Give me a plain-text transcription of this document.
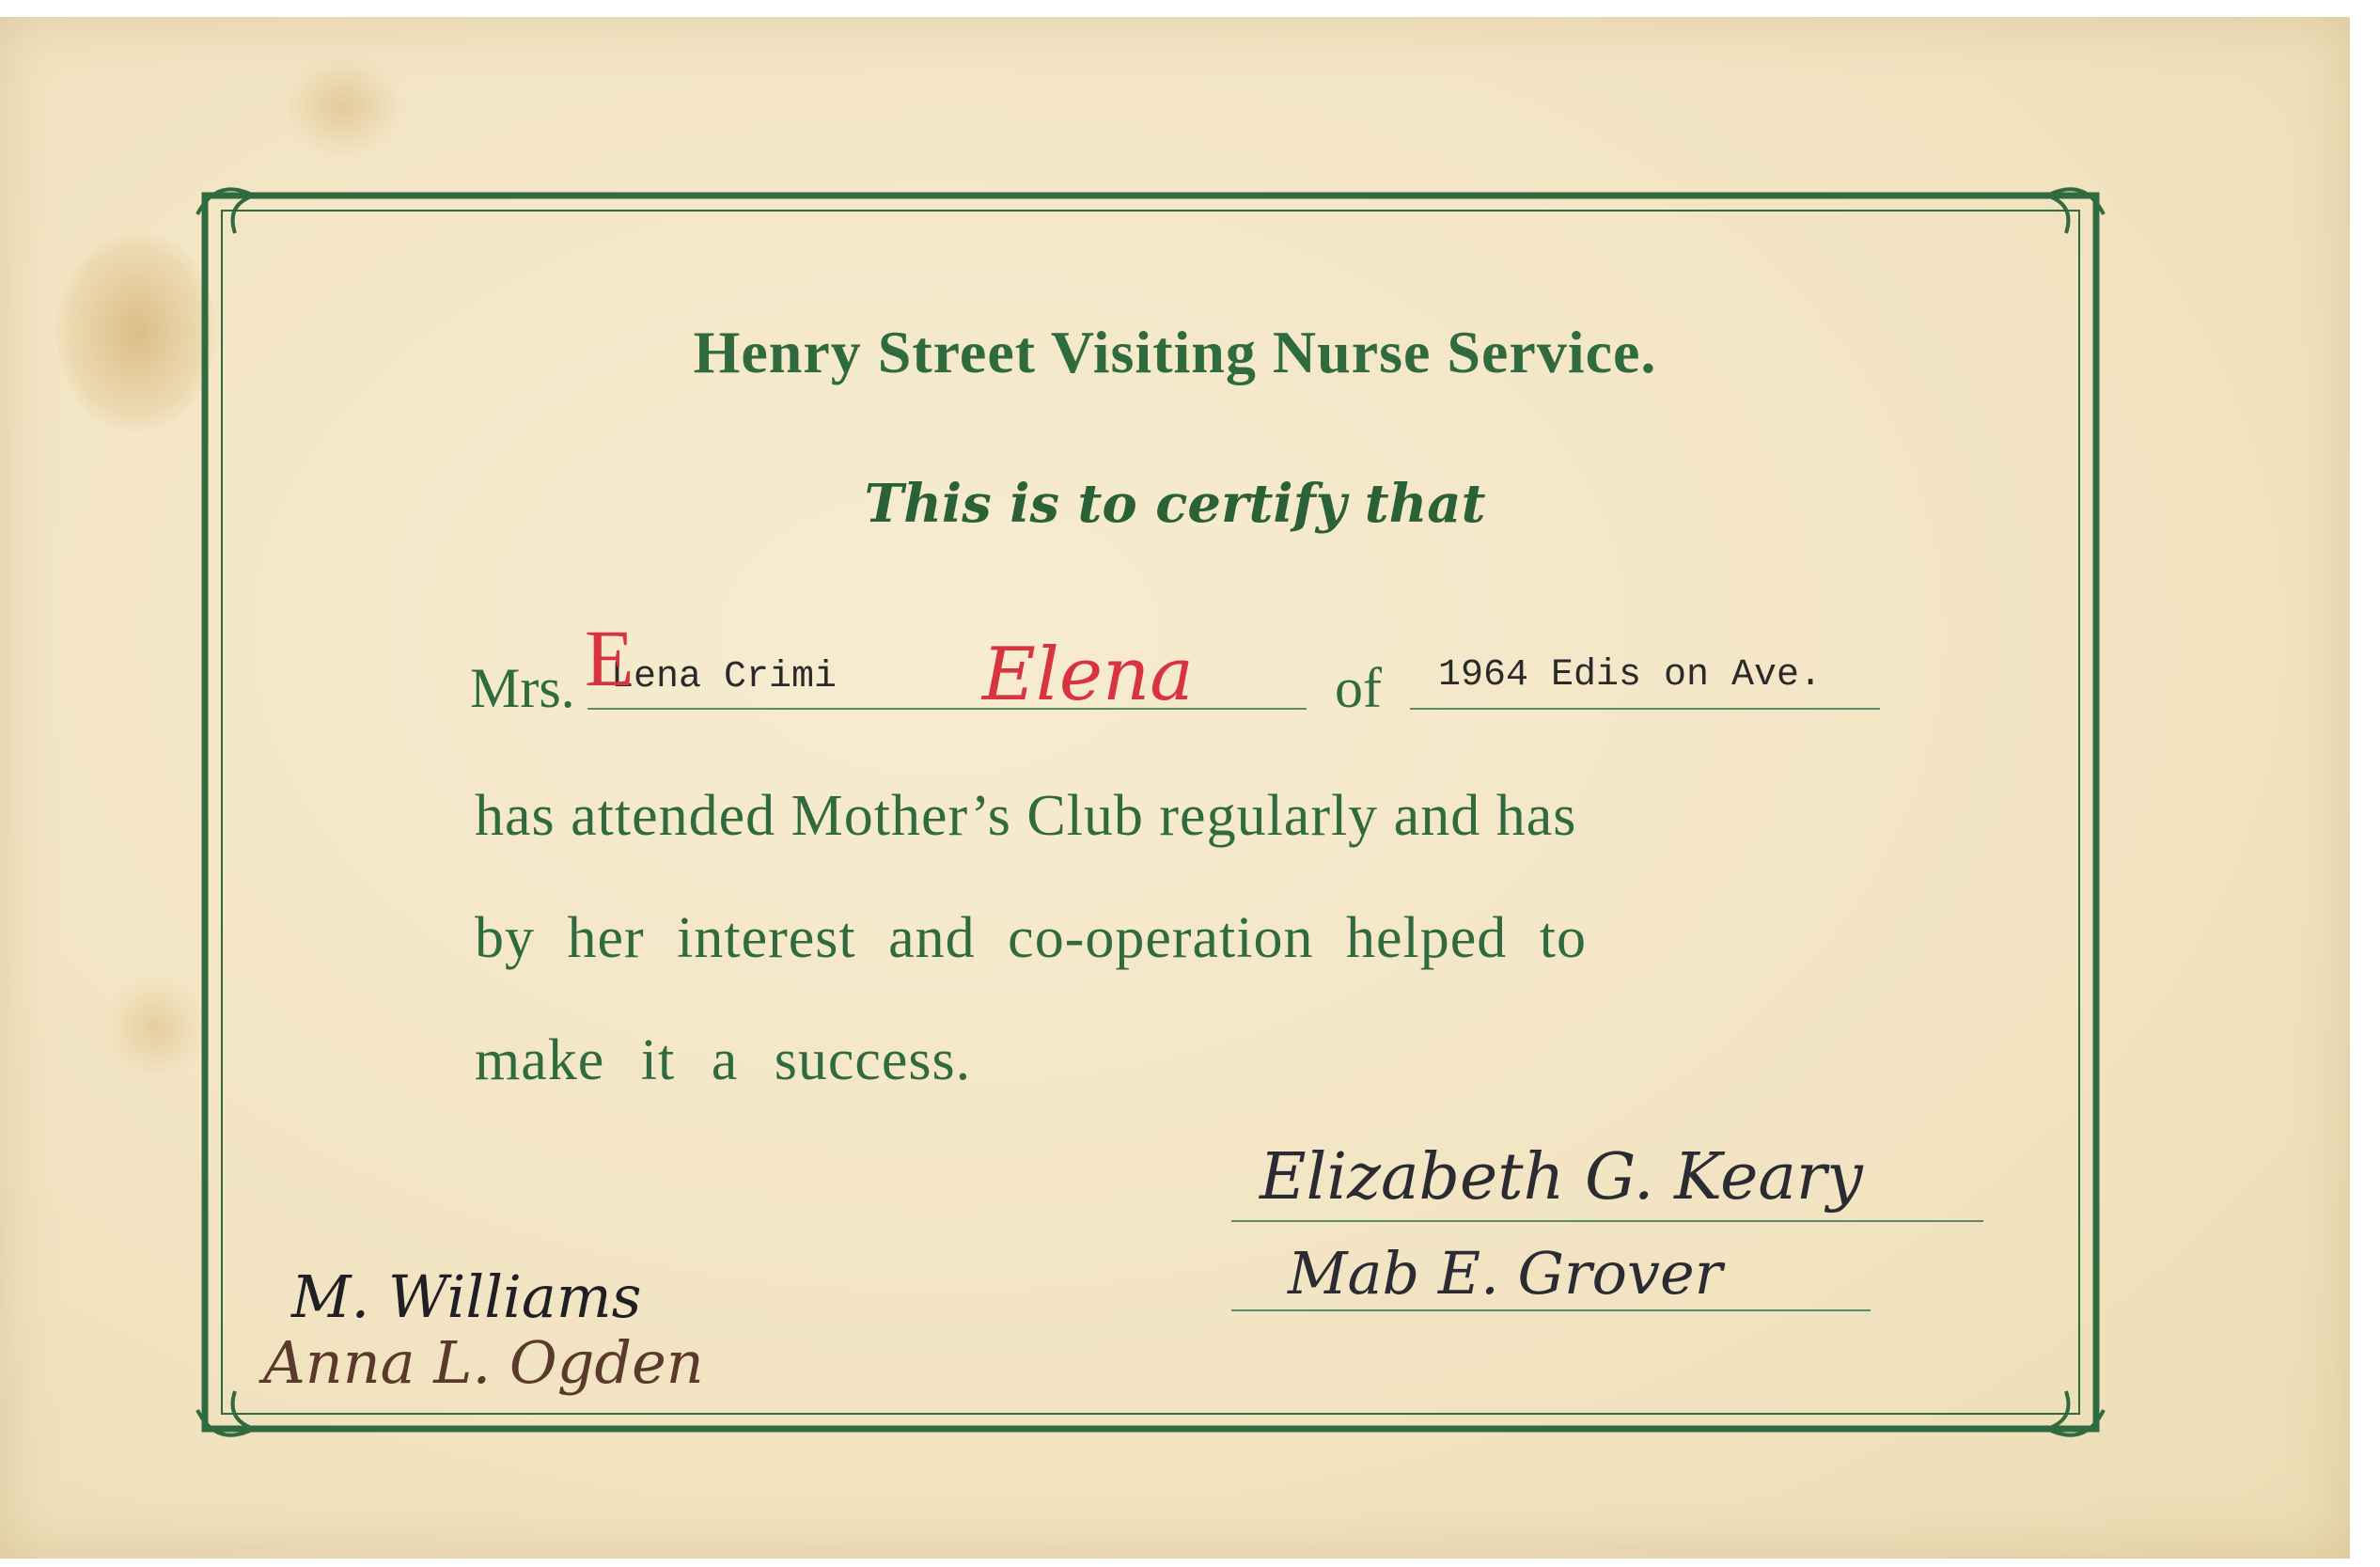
Henry Street Visiting Nurse Service.
This is to certify that
Mrs. Lena Crimi
E	Elena	of 1964 Edis on Ave.
has attended Mother’s Club regularly and has
by her interest and co-operation helped to
make it a success.
Elizabeth G. Keary
Mab E. Grover
M. Williams
Anna L. Ogden
